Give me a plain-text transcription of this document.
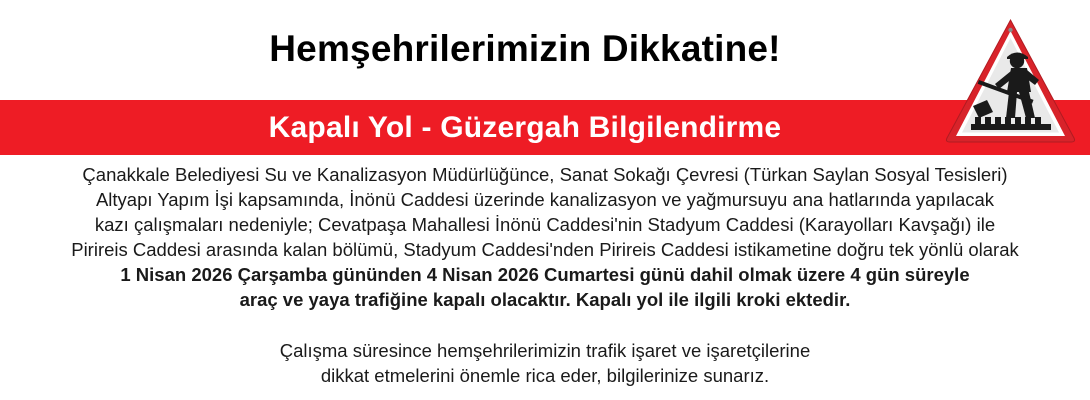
Hemşehrilerimizin Dikkatine!
Kapalı Yol - Güzergah Bilgilendirme
Çanakkale Belediyesi Su ve Kanalizasyon Müdürlüğünce, Sanat Sokağı Çevresi (Türkan Saylan Sosyal Tesisleri)
Altyapı Yapım İşi kapsamında, İnönü Caddesi üzerinde kanalizasyon ve yağmursuyu ana hatlarında yapılacak
kazı çalışmaları nedeniyle; Cevatpaşa Mahallesi İnönü Caddesi'nin Stadyum Caddesi (Karayolları Kavşağı) ile
Pirireis Caddesi arasında kalan bölümü, Stadyum Caddesi'nden Pirireis Caddesi istikametine doğru tek yönlü olarak
1 Nisan 2026 Çarşamba gününden 4 Nisan 2026 Cumartesi günü dahil olmak üzere 4 gün süreyle
araç ve yaya trafiğine kapalı olacaktır. Kapalı yol ile ilgili kroki ektedir.
Çalışma süresince hemşehrilerimizin trafik işaret ve işaretçilerine
dikkat etmelerini önemle rica eder, bilgilerinize sunarız.
